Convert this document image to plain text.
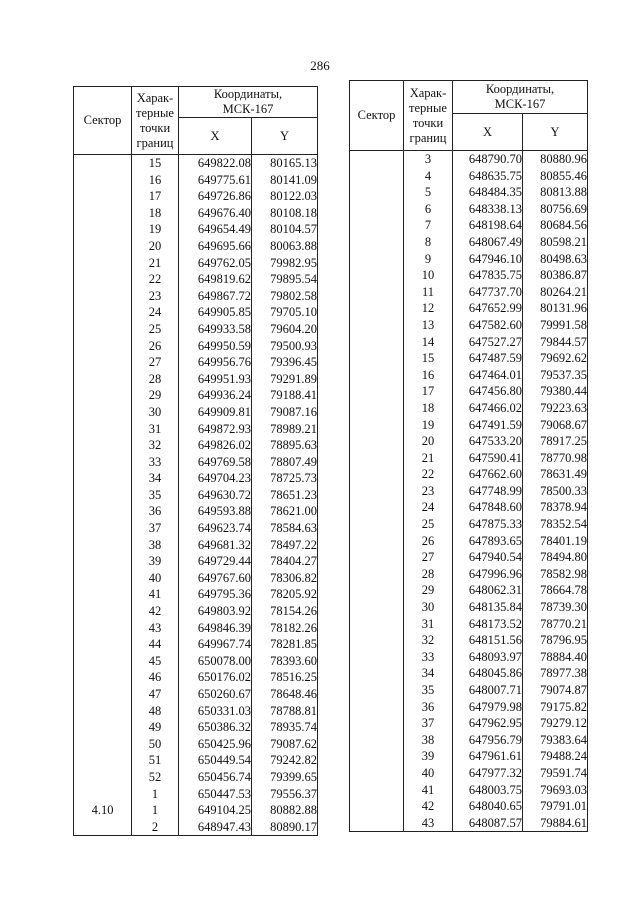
286
Сектор	Харак-
терные
точки
границ	Координаты,
МСК-167	
		X	Y
	15	649822.08	80165.13
	16	649775.61	80141.09
	17	649726.86	80122.03
	18	649676.40	80108.18
	19	649654.49	80104.57
	20	649695.66	80063.88
	21	649762.05	79982.95
	22	649819.62	79895.54
	23	649867.72	79802.58
	24	649905.85	79705.10
	25	649933.58	79604.20
	26	649950.59	79500.93
	27	649956.76	79396.45
	28	649951.93	79291.89
	29	649936.24	79188.41
	30	649909.81	79087.16
	31	649872.93	78989.21
	32	649826.02	78895.63
	33	649769.58	78807.49
	34	649704.23	78725.73
	35	649630.72	78651.23
	36	649593.88	78621.00
	37	649623.74	78584.63
	38	649681.32	78497.22
	39	649729.44	78404.27
	40	649767.60	78306.82
	41	649795.36	78205.92
	42	649803.92	78154.26
	43	649846.39	78182.26
	44	649967.74	78281.85
	45	650078.00	78393.60
	46	650176.02	78516.25
	47	650260.67	78648.46
	48	650331.03	78788.81
	49	650386.32	78935.74
	50	650425.96	79087.62
	51	650449.54	79242.82
	52	650456.74	79399.65
	1	650447.53	79556.37
4.10	1	649104.25	80882.88
	2	648947.43	80890.17
Сектор	Харак-
терные
точки
границ	Координаты,
МСК-167	
		X	Y
	3	648790.70	80880.96
	4	648635.75	80855.46
	5	648484.35	80813.88
	6	648338.13	80756.69
	7	648198.64	80684.56
	8	648067.49	80598.21
	9	647946.10	80498.63
	10	647835.75	80386.87
	11	647737.70	80264.21
	12	647652.99	80131.96
	13	647582.60	79991.58
	14	647527.27	79844.57
	15	647487.59	79692.62
	16	647464.01	79537.35
	17	647456.80	79380.44
	18	647466.02	79223.63
	19	647491.59	79068.67
	20	647533.20	78917.25
	21	647590.41	78770.98
	22	647662.60	78631.49
	23	647748.99	78500.33
	24	647848.60	78378.94
	25	647875.33	78352.54
	26	647893.65	78401.19
	27	647940.54	78494.80
	28	647996.96	78582.98
	29	648062.31	78664.78
	30	648135.84	78739.30
	31	648173.52	78770.21
	32	648151.56	78796.95
	33	648093.97	78884.40
	34	648045.86	78977.38
	35	648007.71	79074.87
	36	647979.98	79175.82
	37	647962.95	79279.12
	38	647956.79	79383.64
	39	647961.61	79488.24
	40	647977.32	79591.74
	41	648003.75	79693.03
	42	648040.65	79791.01
	43	648087.57	79884.61
